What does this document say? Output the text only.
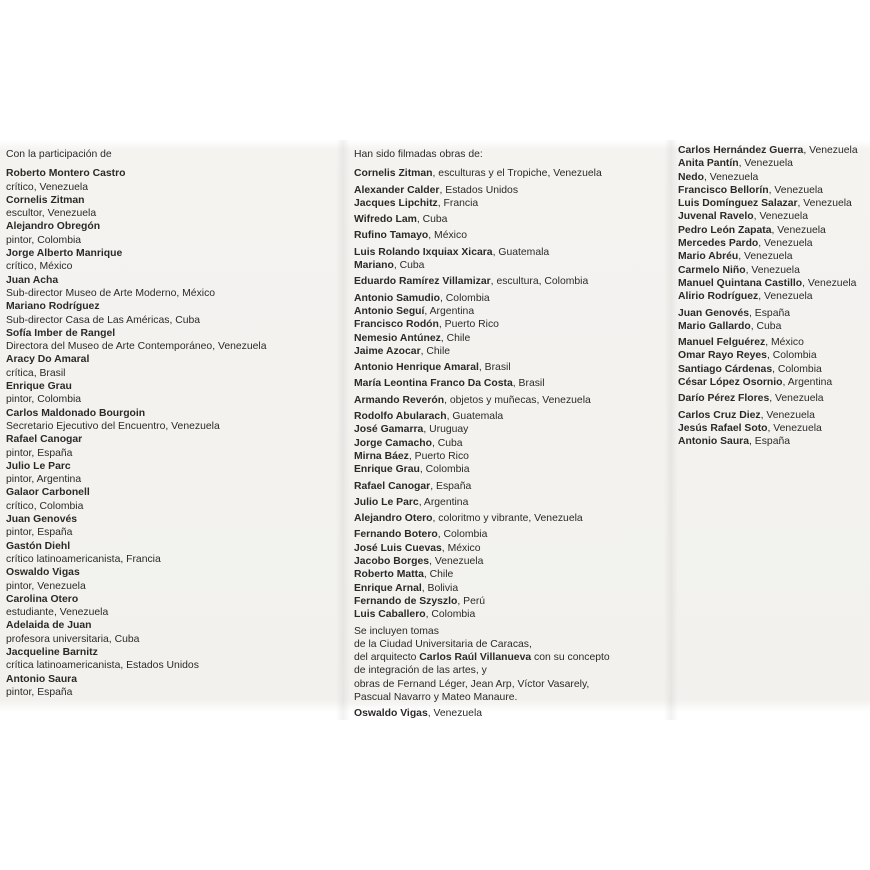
Con la participación de
Roberto Montero Castro
crítico, Venezuela
Cornelis Zitman
escultor, Venezuela
Alejandro Obregón
pintor, Colombia
Jorge Alberto Manrique
crítico, México
Juan Acha
Sub-director Museo de Arte Moderno, México
Mariano Rodríguez
Sub-director Casa de Las Américas, Cuba
Sofía Imber de Rangel
Directora del Museo de Arte Contemporáneo, Venezuela
Aracy Do Amaral
crítica, Brasil
Enrique Grau
pintor, Colombia
Carlos Maldonado Bourgoin
Secretario Ejecutivo del Encuentro, Venezuela
Rafael Canogar
pintor, España
Julio Le Parc
pintor, Argentina
Galaor Carbonell
crítico, Colombia
Juan Genovés
pintor, España
Gastón Diehl
crítico latinoamericanista, Francia
Oswaldo Vigas
pintor, Venezuela
Carolina Otero
estudiante, Venezuela
Adelaida de Juan
profesora universitaria, Cuba
Jacqueline Barnitz
crítica latinoamericanista, Estados Unidos
Antonio Saura
pintor, España
Han sido filmadas obras de:
Cornelis Zitman, esculturas y el Tropiche, Venezuela
Alexander Calder, Estados Unidos
Jacques Lipchitz, Francia
Wifredo Lam, Cuba
Rufino Tamayo, México
Luis Rolando Ixquiax Xicara, Guatemala
Mariano, Cuba
Eduardo Ramírez Villamizar, escultura, Colombia
Antonio Samudio, Colombia
Antonio Seguí, Argentina
Francisco Rodón, Puerto Rico
Nemesio Antúnez, Chile
Jaime Azocar, Chile
Antonio Henrique Amaral, Brasil
María Leontina Franco Da Costa, Brasil
Armando Reverón, objetos y muñecas, Venezuela
Rodolfo Abularach, Guatemala
José Gamarra, Uruguay
Jorge Camacho, Cuba
Mirna Báez, Puerto Rico
Enrique Grau, Colombia
Rafael Canogar, España
Julio Le Parc, Argentina
Alejandro Otero, coloritmo y vibrante, Venezuela
Fernando Botero, Colombia
José Luis Cuevas, México
Jacobo Borges, Venezuela
Roberto Matta, Chile
Enrique Arnal, Bolivia
Fernando de Szyszlo, Perú
Luis Caballero, Colombia
Se incluyen tomas
de la Ciudad Universitaria de Caracas,
del arquitecto Carlos Raúl Villanueva con su concepto
de integración de las artes, y
obras de Fernand Léger, Jean Arp, Víctor Vasarely,
Pascual Navarro y Mateo Manaure.
Oswaldo Vigas, Venezuela
Carlos Hernández Guerra, Venezuela
Anita Pantín, Venezuela
Nedo, Venezuela
Francisco Bellorín, Venezuela
Luis Domínguez Salazar, Venezuela
Juvenal Ravelo, Venezuela
Pedro León Zapata, Venezuela
Mercedes Pardo, Venezuela
Mario Abréu, Venezuela
Carmelo Niño, Venezuela
Manuel Quintana Castillo, Venezuela
Alirio Rodríguez, Venezuela
Juan Genovés, España
Mario Gallardo, Cuba
Manuel Felguérez, México
Omar Rayo Reyes, Colombia
Santiago Cárdenas, Colombia
César López Osornio, Argentina
Darío Pérez Flores, Venezuela
Carlos Cruz Diez, Venezuela
Jesús Rafael Soto, Venezuela
Antonio Saura, España
